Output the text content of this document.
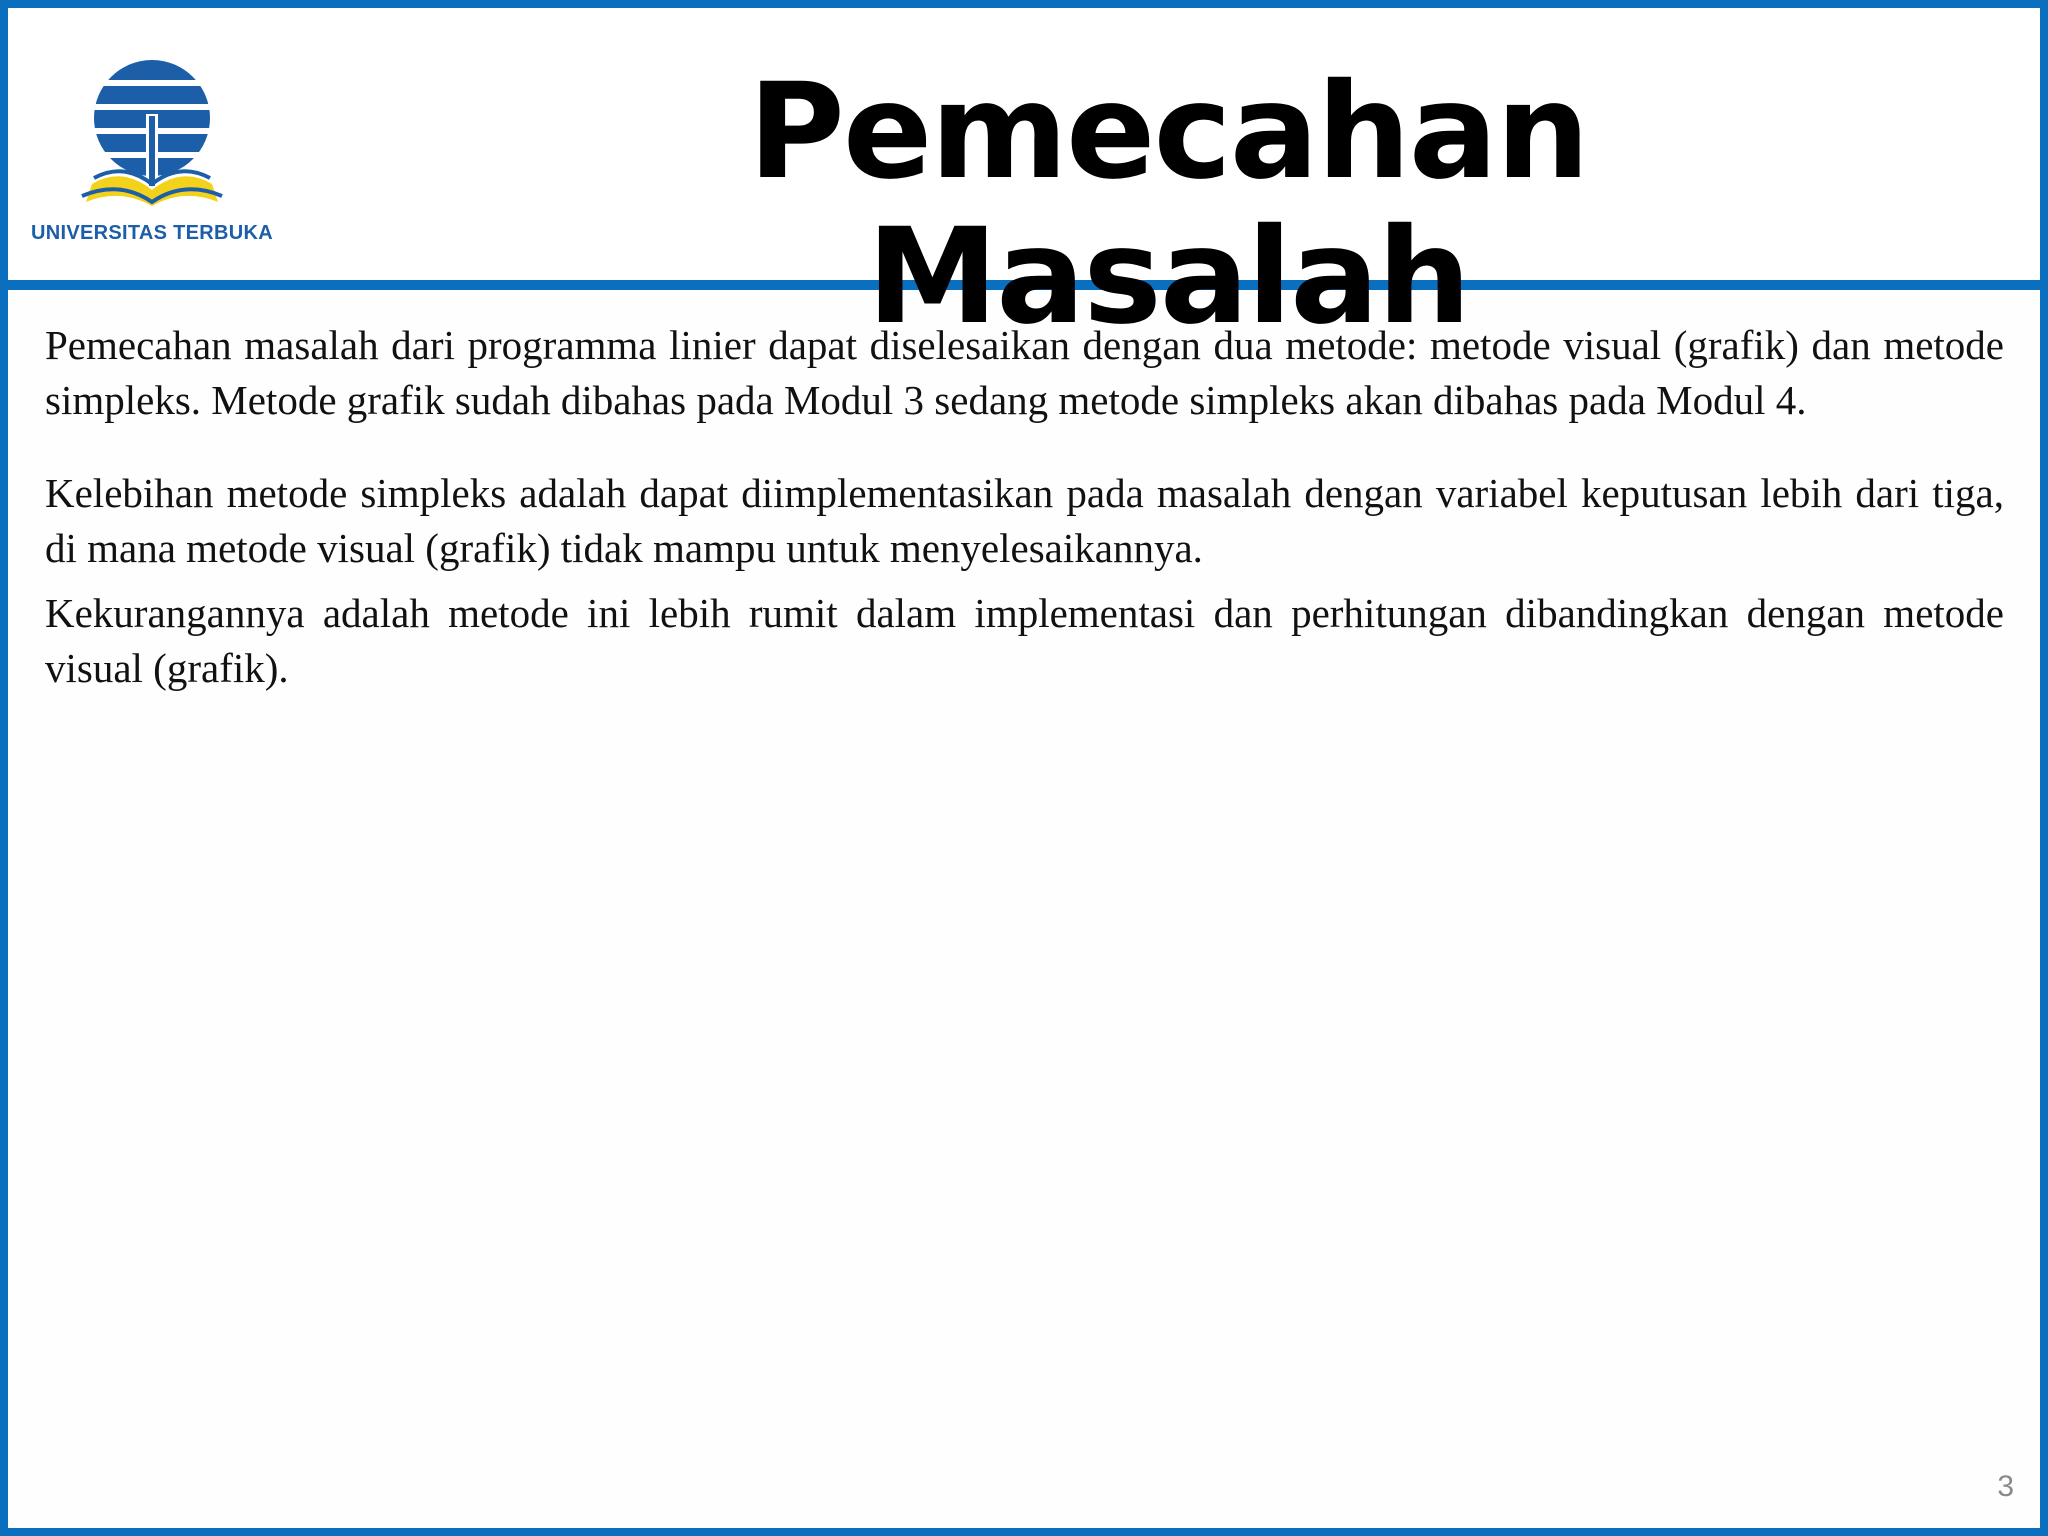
UNIVERSITAS TERBUKA
Pemecahan Masalah

Pemecahan masalah dari programma linier dapat diselesaikan dengan dua metode: metode visual (grafik) dan metode simpleks. Metode grafik sudah dibahas pada Modul 3 sedang metode simpleks akan dibahas pada Modul 4.

Kelebihan metode simpleks adalah dapat diimplementasikan pada masalah dengan variabel keputusan lebih dari tiga, di mana metode visual (grafik) tidak mampu untuk menyelesaikannya.

Kekurangannya adalah metode ini lebih rumit dalam implementasi dan perhitungan dibandingkan dengan metode visual (grafik).

3
